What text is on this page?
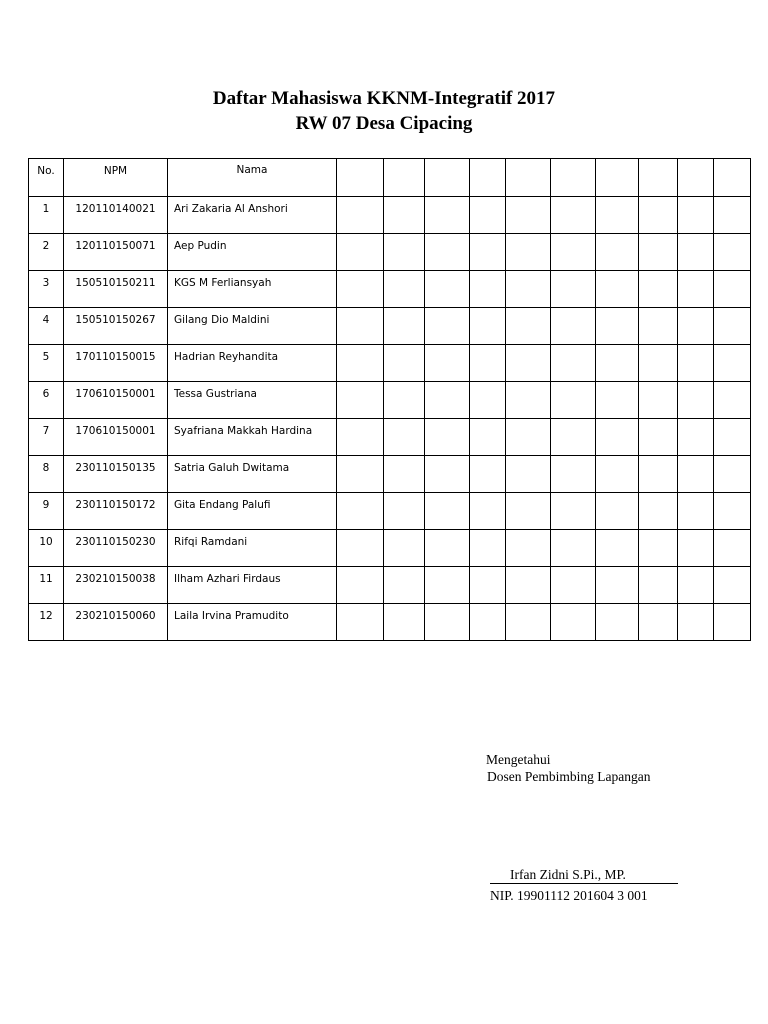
Daftar Mahasiswa KKNM-Integratif 2017
RW 07 Desa Cipacing
No.	NPM	Nama										
1	120110140021	Ari Zakaria Al Anshori										
2	120110150071	Aep Pudin										
3	150510150211	KGS M Ferliansyah										
4	150510150267	Gilang Dio Maldini										
5	170110150015	Hadrian Reyhandita										
6	170610150001	Tessa Gustriana										
7	170610150001	Syafriana Makkah Hardina										
8	230110150135	Satria Galuh Dwitama										
9	230110150172	Gita Endang Palufi										
10	230110150230	Rifqi Ramdani										
11	230210150038	Ilham Azhari Firdaus										
12	230210150060	Laila Irvina Pramudito										
Mengetahui
Dosen Pembimbing Lapangan
Irfan Zidni S.Pi., MP.
NIP. 19901112 201604 3 001
